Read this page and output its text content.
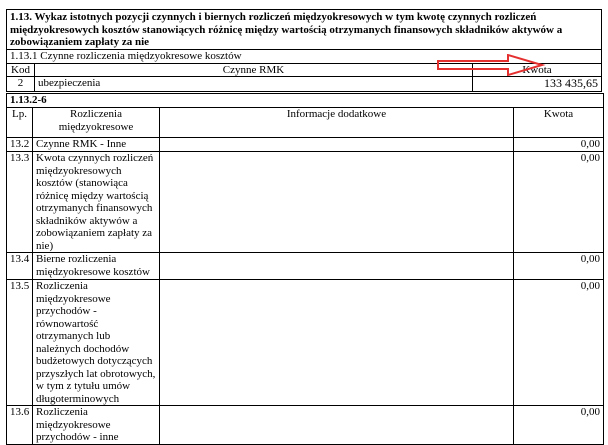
1.13. Wykaz istotnych pozycji czynnych i biernych rozliczeń międzyokresowych w tym kwotę czynnych rozliczeń międzyokresowych kosztów stanowiących różnicę między wartością otrzymanych finansowych składników aktywów a zobowiązaniem zapłaty za nie		
1.13.1 Czynne rozliczenia międzyokresowe kosztów		
Kod	Czynne RMK	Kwota
2	ubezpieczenia	133 435,65
1.13.2-6			
Lp.	Rozliczenia międzyokresowe	Informacje dodatkowe	Kwota
13.2	Czynne RMK - Inne		0,00
13.3	Kwota czynnych rozliczeń międzyokresowych kosztów (stanowiąca różnicę między wartością otrzymanych finansowych składników aktywów a zobowiązaniem zapłaty za nie)		0,00
13.4	Bierne rozliczenia międzyokresowe kosztów		0,00
13.5	Rozliczenia międzyokresowe przychodów - równowartość otrzymanych lub należnych dochodów budżetowych dotyczących przyszłych lat obrotowych, w tym z tytułu umów długoterminowych		0,00
13.6	Rozliczenia międzyokresowe przychodów - inne		0,00
